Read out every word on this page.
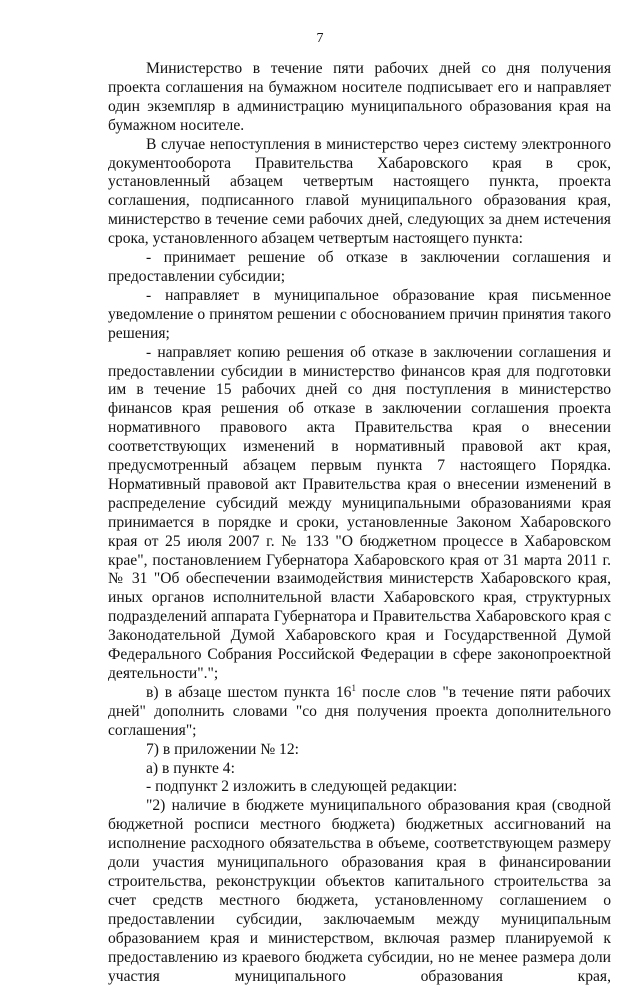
7

Министерство в течение пяти рабочих дней со дня получения проекта соглашения на бумажном носителе подписывает его и направляет один экземпляр в администрацию муниципального образования края на бумажном носителе.

В случае непоступления в министерство через систему электронного документооборота Правительства Хабаровского края в срок, установленный абзацем четвертым настоящего пункта, проекта соглашения, подписанного главой муниципального образования края, министерство в течение семи рабочих дней, следующих за днем истечения срока, установленного абзацем четвертым настоящего пункта:

- принимает решение об отказе в заключении соглашения и предоставлении субсидии;

- направляет в муниципальное образование края письменное уведомление о принятом решении с обоснованием причин принятия такого решения;

- направляет копию решения об отказе в заключении соглашения и предоставлении субсидии в министерство финансов края для подготовки им в течение 15 рабочих дней со дня поступления в министерство финансов края решения об отказе в заключении соглашения проекта нормативного правового акта Правительства края о внесении соответствующих изменений в нормативный правовой акт края, предусмотренный абзацем первым пункта 7 настоящего Порядка. Нормативный правовой акт Правительства края о внесении изменений в распределение субсидий между муниципальными образованиями края принимается в порядке и сроки, установленные Законом Хабаровского края от 25 июля 2007 г. № 133 "О бюджетном процессе в Хабаровском крае", постановлением Губернатора Хабаровского края от 31 марта 2011 г. № 31 "Об обеспечении взаимодействия министерств Хабаровского края, иных органов исполнительной власти Хабаровского края, структурных подразделений аппарата Губернатора и Правительства Хабаровского края с Законодательной Думой Хабаровского края и Государственной Думой Федерального Собрания Российской Федерации в сфере законопроектной деятельности".";

в) в абзаце шестом пункта $16^1$ после слов "в течение пяти рабочих дней" дополнить словами "со дня получения проекта дополнительного соглашения";

7) в приложении № 12:

а) в пункте 4:

- подпункт 2 изложить в следующей редакции:

"2) наличие в бюджете муниципального образования края (сводной бюджетной росписи местного бюджета) бюджетных ассигнований на исполнение расходного обязательства в объеме, соответствующем размеру доли участия муниципального образования края в финансировании строительства, реконструкции объектов капитального строительства за счет средств местного бюджета, установленному соглашением о предоставлении субсидии, заключаемым между муниципальным образованием края и министерством, включая размер планируемой к предоставлению из краевого бюджета субсидии, но не менее размера доли участия муниципального образования края,
